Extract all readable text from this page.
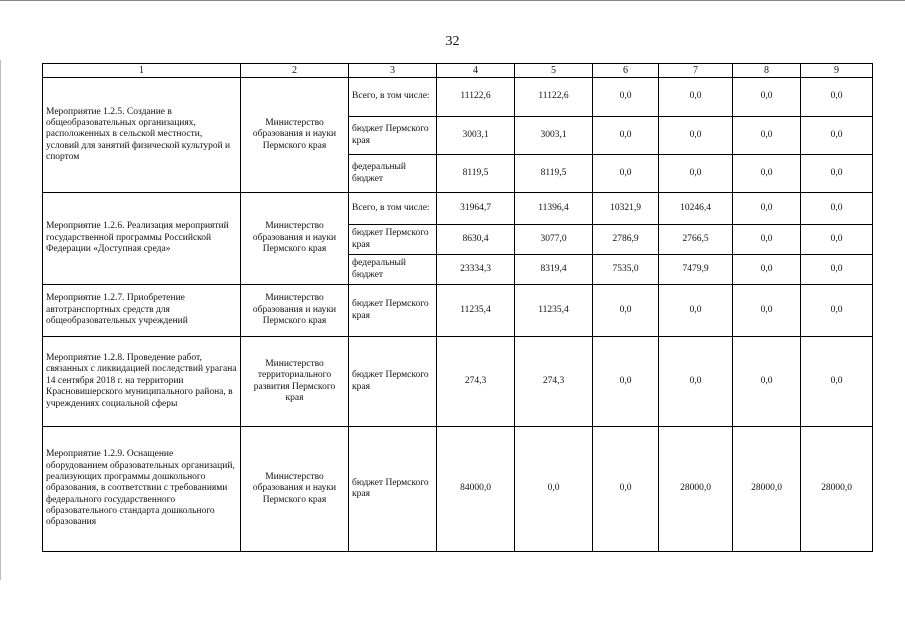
32
1	2	3	4	5	6	7	8	9
Мероприятие 1.2.5. Создание в общеобразовательных организациях, расположенных в сельской местности, условий для занятий физической культурой и спортом	Министерство образования и науки Пермского края	Всего, в том числе:	11122,6	11122,6	0,0	0,0	0,0	0,0
		бюджет Пермского края	3003,1	3003,1	0,0	0,0	0,0	0,0
		федеральный бюджет	8119,5	8119,5	0,0	0,0	0,0	0,0
Мероприятие 1.2.6. Реализация мероприятий государственной программы Российской Федерации «Доступная среда»	Министерство образования и науки Пермского края	Всего, в том числе:	31964,7	11396,4	10321,9	10246,4	0,0	0,0
		бюджет Пермского края	8630,4	3077,0	2786,9	2766,5	0,0	0,0
		федеральный бюджет	23334,3	8319,4	7535,0	7479,9	0,0	0,0
Мероприятие 1.2.7. Приобретение автотранспортных средств для общеобразовательных учреждений	Министерство образования и науки Пермского края	бюджет Пермского края	11235,4	11235,4	0,0	0,0	0,0	0,0
Мероприятие 1.2.8. Проведение работ, связанных с ликвидацией последствий урагана 14 сентября 2018 г. на территории Красновишерского муниципального района, в учреждениях социальной сферы	Министерство территориального развития Пермского края	бюджет Пермского края	274,3	274,3	0,0	0,0	0,0	0,0
Мероприятие 1.2.9. Оснащение оборудованием образовательных организаций, реализующих программы дошкольного образования, в соответствии с требованиями федерального государственного образовательного стандарта дошкольного образования	Министерство образования и науки Пермского края	бюджет Пермского края	84000,0	0,0	0,0	28000,0	28000,0	28000,0
